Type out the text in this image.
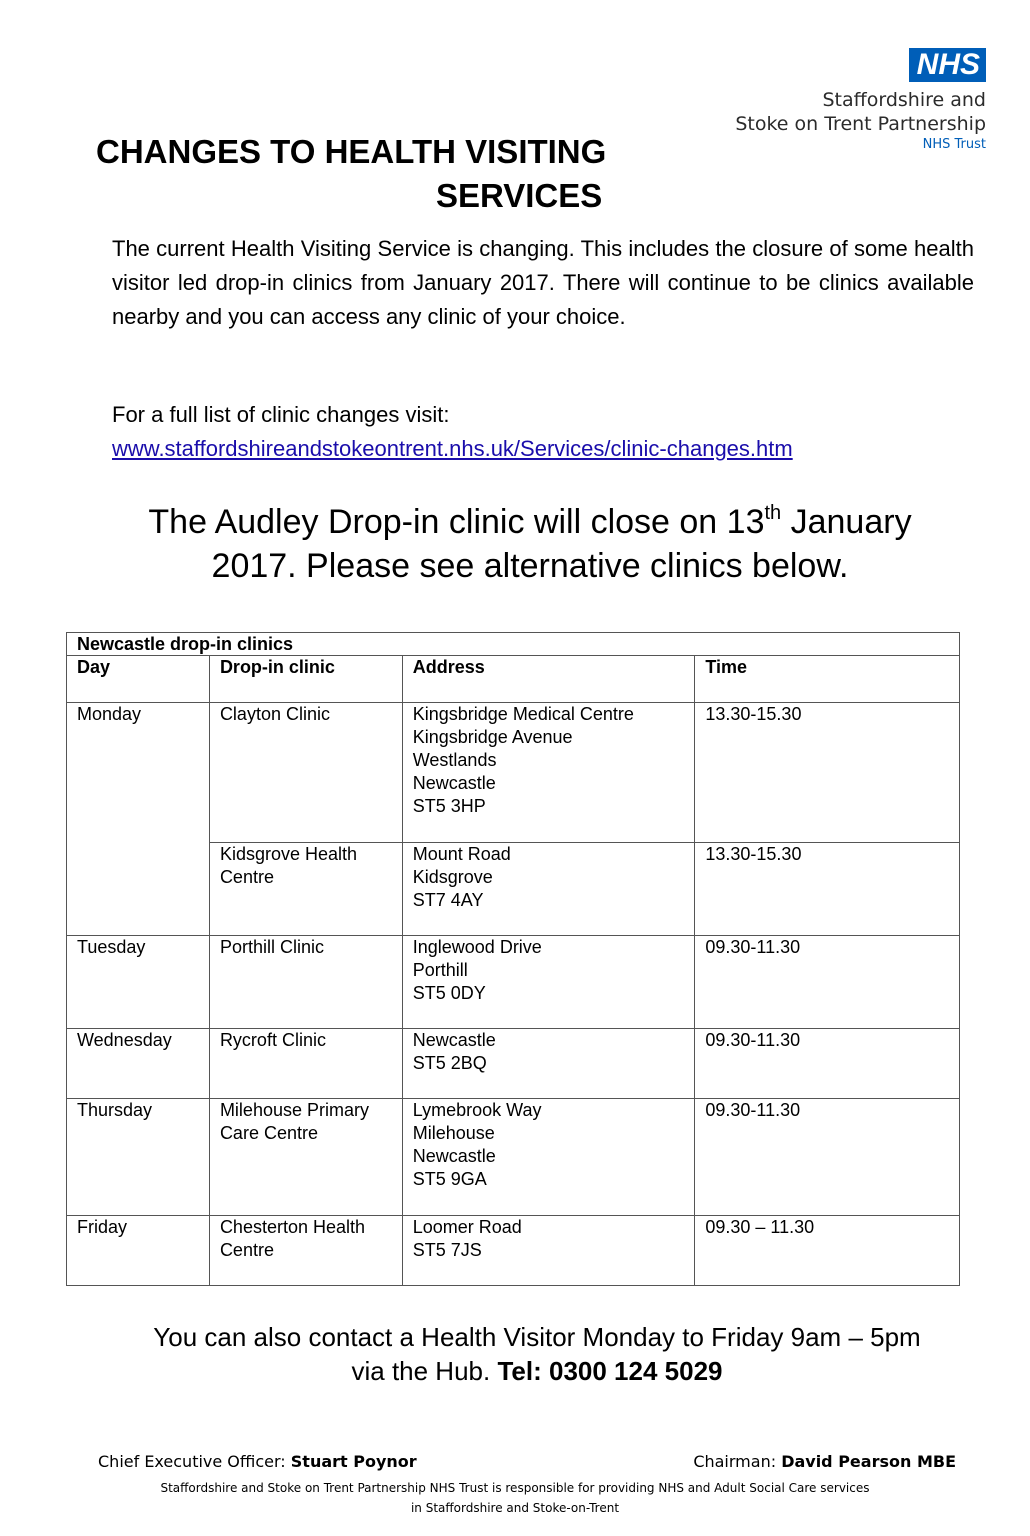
NHS
Staffordshire and
Stoke on Trent Partnership
NHS Trust
CHANGES TO HEALTH VISITING
SERVICES

The current Health Visiting Service is changing. This includes the closure of some health visitor led drop-in clinics from January 2017. There will continue to be clinics available nearby and you can access any clinic of your choice.

For a full list of clinic changes visit:
www.staffordshireandstokeontrent.nhs.uk/Services/clinic-changes.htm
The Audley Drop-in clinic will close on 13th January
2017. Please see alternative clinics below.
Newcastle drop-in clinics			
Day	Drop-in clinic	Address	Time
Monday	Clayton Clinic	Kingsbridge Medical Centre
Kingsbridge Avenue
Westlands
Newcastle
ST5 3HP	13.30-15.30

	Kidsgrove Health
Centre	Mount Road
Kidsgrove
ST7 4AY	13.30-15.30
Tuesday	Porthill Clinic	Inglewood Drive
Porthill
ST5 0DY	09.30-11.30
Wednesday	Rycroft Clinic	Newcastle
ST5 2BQ	09.30-11.30
Thursday	Milehouse Primary
Care Centre	Lymebrook Way
Milehouse
Newcastle
ST5 9GA	09.30-11.30
Friday	Chesterton Health
Centre	Loomer Road
ST5 7JS	09.30 – 11.30
You can also contact a Health Visitor Monday to Friday 9am – 5pm
via the Hub. Tel: 0300 124 5029
Chief Executive Officer: Stuart Poynor	Chairman: David Pearson MBE
Staffordshire and Stoke on Trent Partnership NHS Trust is responsible for providing NHS and Adult Social Care services
in Staffordshire and Stoke-on-Trent
